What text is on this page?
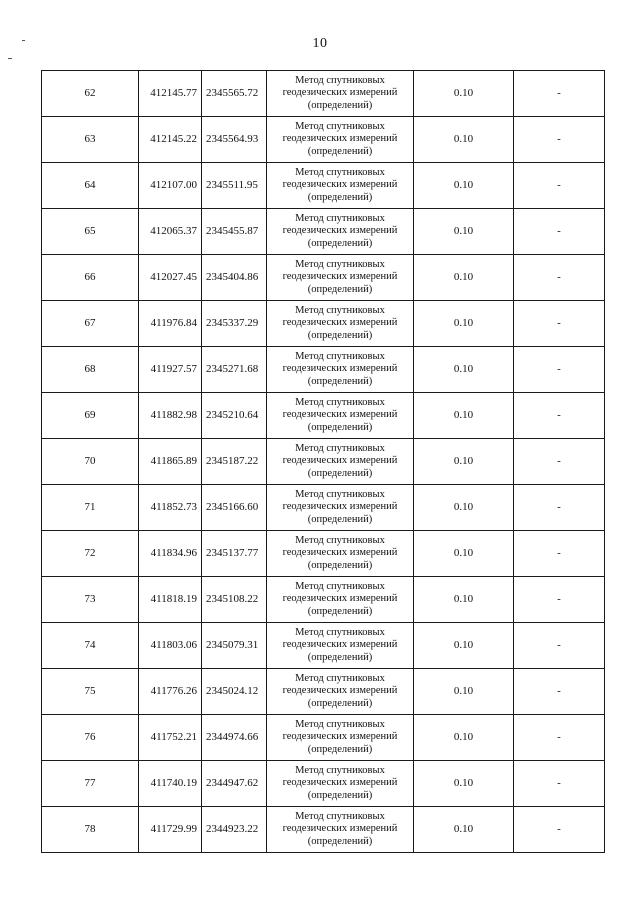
10
62	412145.77	2345565.72	Метод спутниковых
геодезических измерений
(определений)	0.10	-
63	412145.22	2345564.93	Метод спутниковых
геодезических измерений
(определений)	0.10	-
64	412107.00	2345511.95	Метод спутниковых
геодезических измерений
(определений)	0.10	-
65	412065.37	2345455.87	Метод спутниковых
геодезических измерений
(определений)	0.10	-
66	412027.45	2345404.86	Метод спутниковых
геодезических измерений
(определений)	0.10	-
67	411976.84	2345337.29	Метод спутниковых
геодезических измерений
(определений)	0.10	-
68	411927.57	2345271.68	Метод спутниковых
геодезических измерений
(определений)	0.10	-
69	411882.98	2345210.64	Метод спутниковых
геодезических измерений
(определений)	0.10	-
70	411865.89	2345187.22	Метод спутниковых
геодезических измерений
(определений)	0.10	-
71	411852.73	2345166.60	Метод спутниковых
геодезических измерений
(определений)	0.10	-
72	411834.96	2345137.77	Метод спутниковых
геодезических измерений
(определений)	0.10	-
73	411818.19	2345108.22	Метод спутниковых
геодезических измерений
(определений)	0.10	-
74	411803.06	2345079.31	Метод спутниковых
геодезических измерений
(определений)	0.10	-
75	411776.26	2345024.12	Метод спутниковых
геодезических измерений
(определений)	0.10	-
76	411752.21	2344974.66	Метод спутниковых
геодезических измерений
(определений)	0.10	-
77	411740.19	2344947.62	Метод спутниковых
геодезических измерений
(определений)	0.10	-
78	411729.99	2344923.22	Метод спутниковых
геодезических измерений
(определений)	0.10	-
